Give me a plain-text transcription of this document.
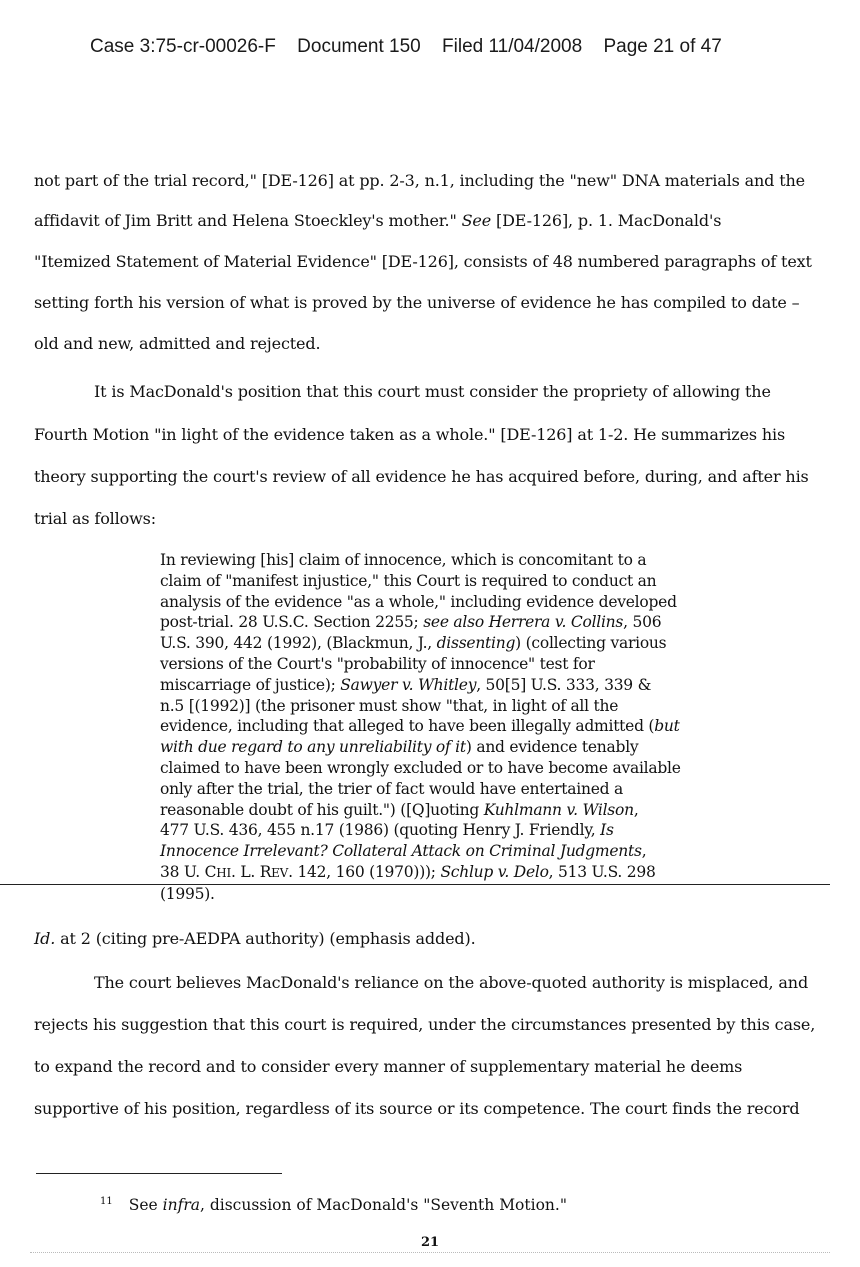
Case 3:75-cr-00026-F Document 150 Filed 11/04/2008 Page 21 of 47
not part of the trial record," [DE-126] at pp. 2-3, n.1, including the "new" DNA materials and the
affidavit of Jim Britt and Helena Stoeckley's mother." See [DE-126], p. 1. MacDonald's
"Itemized Statement of Material Evidence" [DE-126], consists of 48 numbered paragraphs of text
setting forth his version of what is proved by the universe of evidence he has compiled to date –
old and new, admitted and rejected.
It is MacDonald's position that this court must consider the propriety of allowing the
Fourth Motion "in light of the evidence taken as a whole." [DE-126] at 1-2. He summarizes his
theory supporting the court's review of all evidence he has acquired before, during, and after his
trial as follows:
In reviewing [his] claim of innocence, which is concomitant to a
claim of "manifest injustice," this Court is required to conduct an
analysis of the evidence "as a whole," including evidence developed
post-trial. 28 U.S.C. Section 2255; see also Herrera v. Collins, 506
U.S. 390, 442 (1992), (Blackmun, J., dissenting) (collecting various
versions of the Court's "probability of innocence" test for
miscarriage of justice); Sawyer v. Whitley, 50[5] U.S. 333, 339 &
n.5 [(1992)] (the prisoner must show "that, in light of all the
evidence, including that alleged to have been illegally admitted (but
with due regard to any unreliability of it) and evidence tenably
claimed to have been wrongly excluded or to have become available
only after the trial, the trier of fact would have entertained a
reasonable doubt of his guilt.") ([Q]uoting Kuhlmann v. Wilson,
477 U.S. 436, 455 n.17 (1986) (quoting Henry J. Friendly, Is
Innocence Irrelevant? Collateral Attack on Criminal Judgments,
38 U. CHI. L. REV. 142, 160 (1970))); Schlup v. Delo, 513 U.S. 298
(1995).
Id. at 2 (citing pre-AEDPA authority) (emphasis added).
The court believes MacDonald's reliance on the above-quoted authority is misplaced, and
rejects his suggestion that this court is required, under the circumstances presented by this case,
to expand the record and to consider every manner of supplementary material he deems
supportive of his position, regardless of its source or its competence. The court finds the record
$^{11}$ See infra, discussion of MacDonald's "Seventh Motion."
21
